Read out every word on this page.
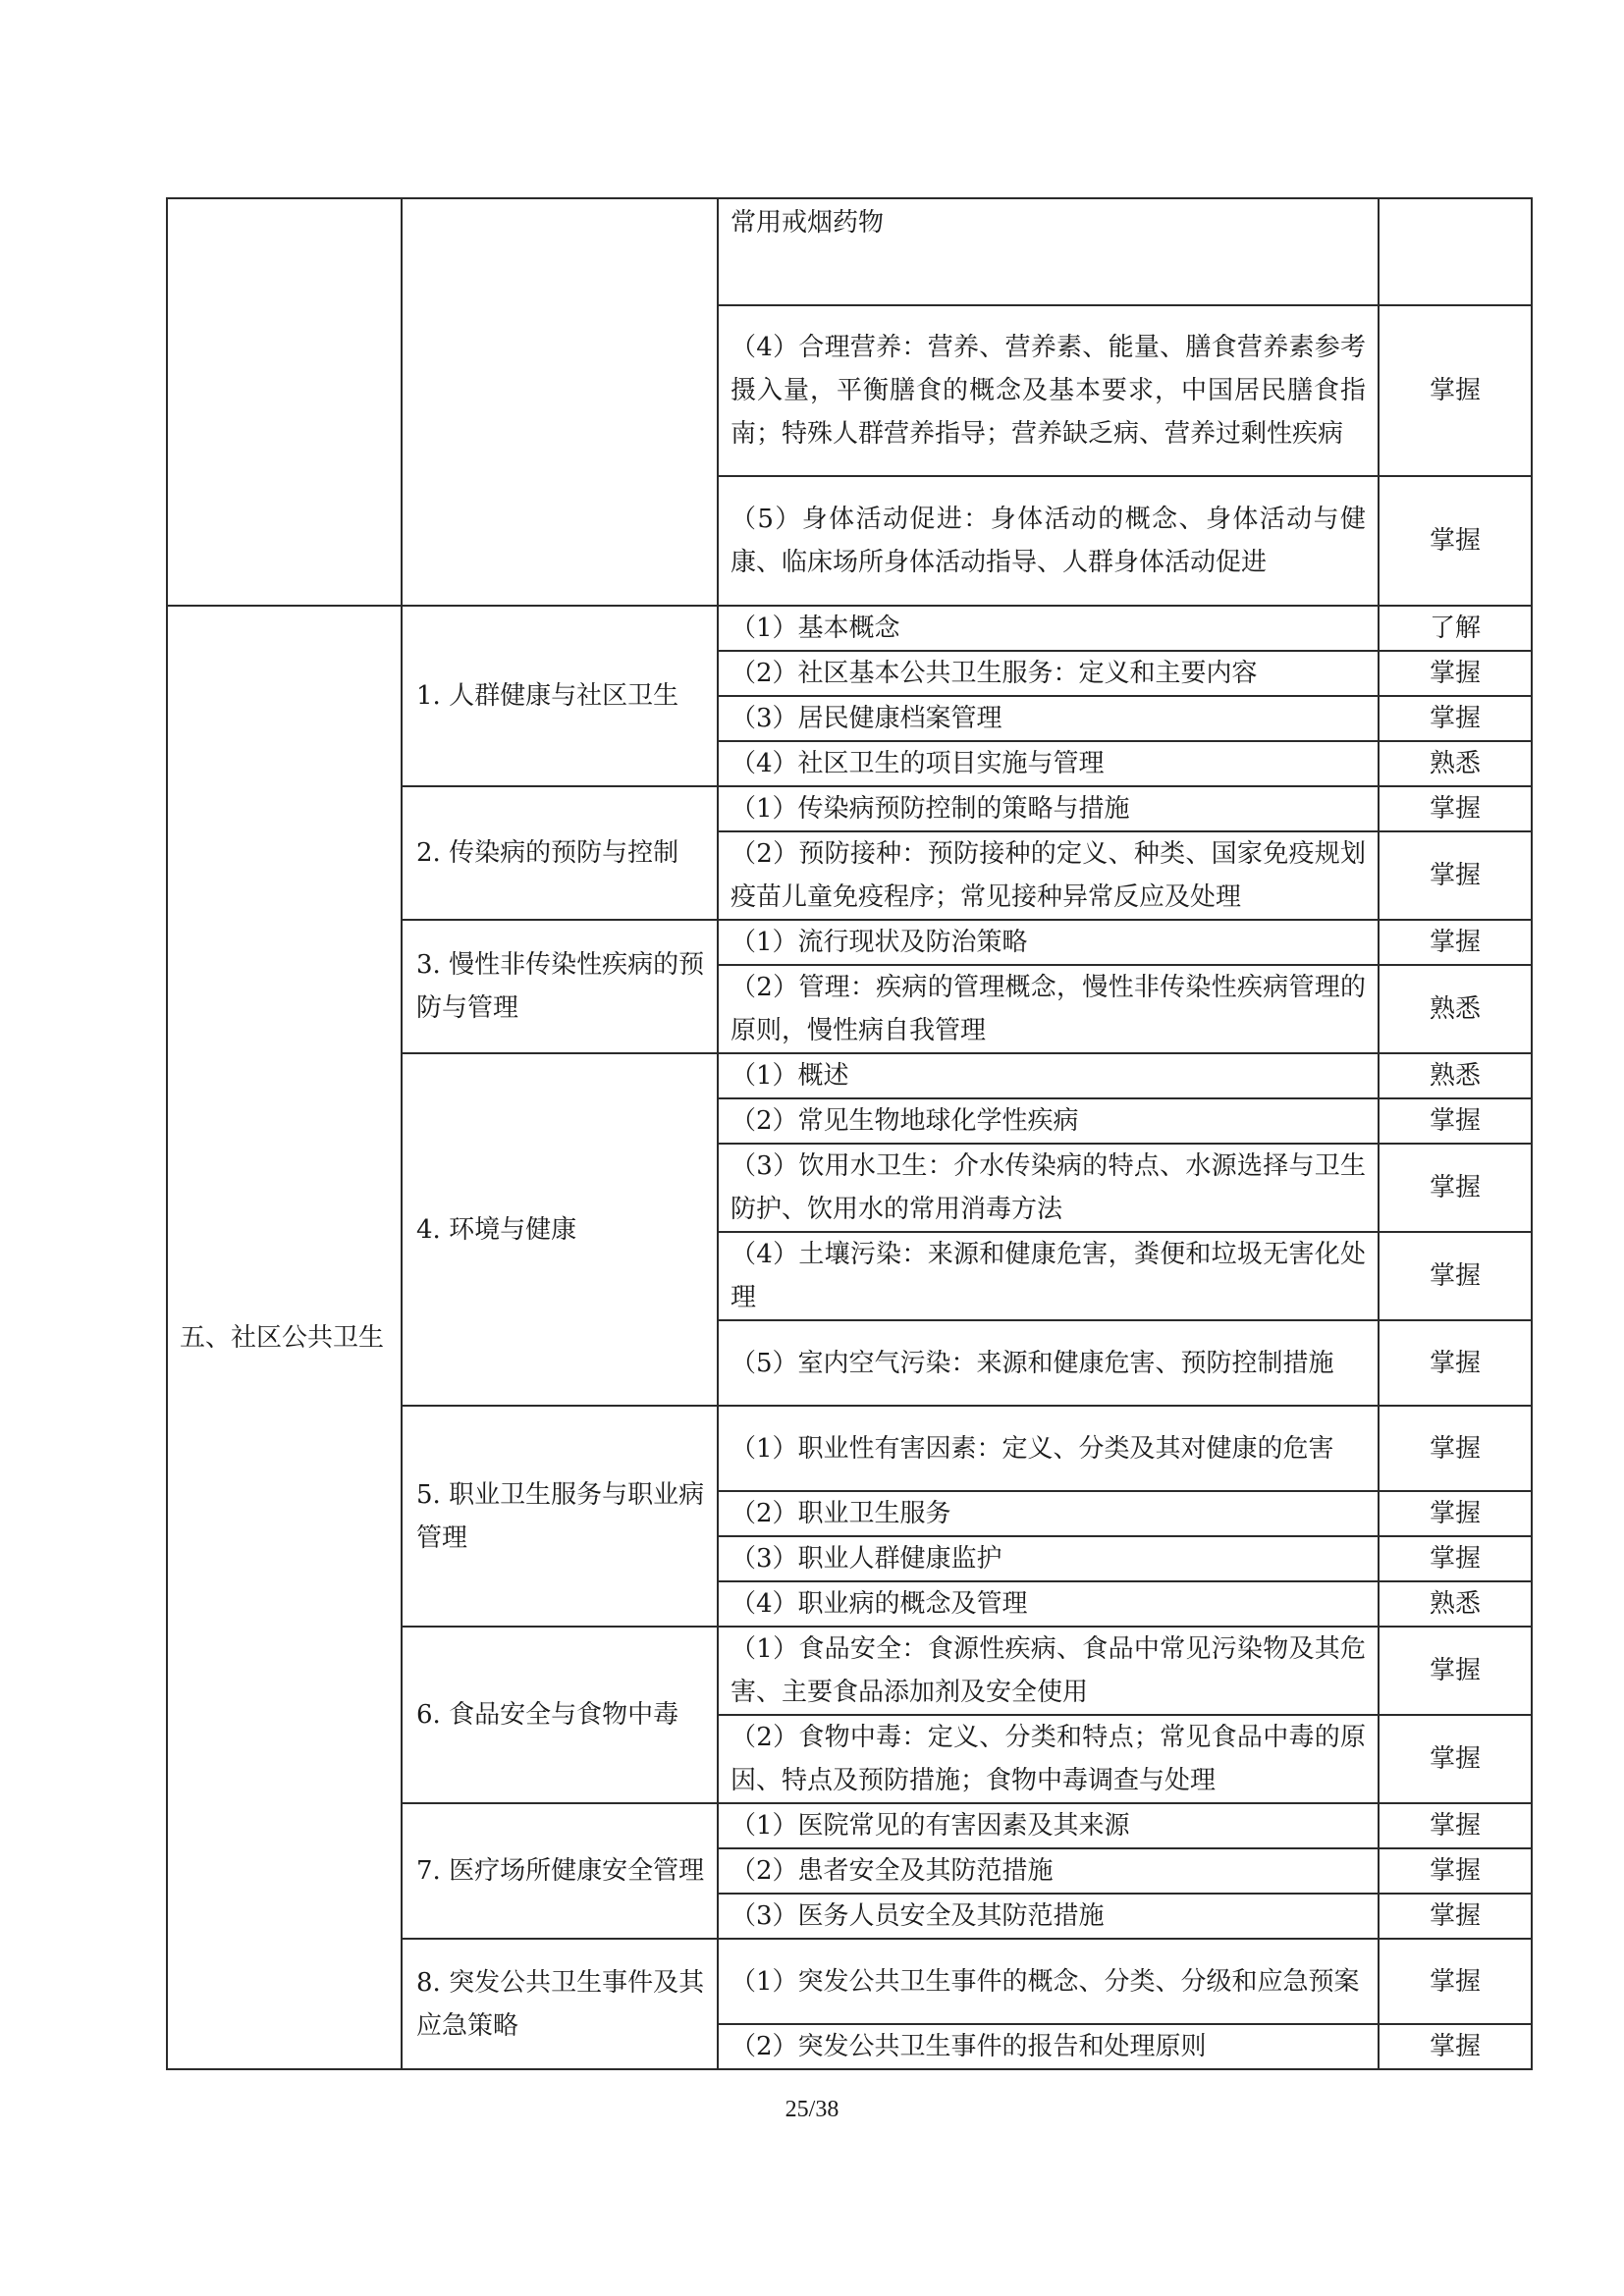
		常用戒烟药物	
		（4）合理营养：营养、营养素、能量、膳食营养素参考摄入量，平衡膳食的概念及基本要求，中国居民膳食指南；特殊人群营养指导；营养缺乏病、营养过剩性疾病	掌握
		（5）身体活动促进：身体活动的概念、身体活动与健康、临床场所身体活动指导、人群身体活动促进	掌握
五、社区公共卫生	1. 人群健康与社区卫生	（1）基本概念	了解
		（2）社区基本公共卫生服务：定义和主要内容	掌握
		（3）居民健康档案管理	掌握
		（4）社区卫生的项目实施与管理	熟悉
	2. 传染病的预防与控制	（1）传染病预防控制的策略与措施	掌握
		（2）预防接种：预防接种的定义、种类、国家免疫规划疫苗儿童免疫程序；常见接种异常反应及处理	掌握
	3. 慢性非传染性疾病的预防与管理	（1）流行现状及防治策略	掌握
		（2）管理：疾病的管理概念，慢性非传染性疾病管理的原则，慢性病自我管理	熟悉
	4. 环境与健康	（1）概述	熟悉
		（2）常见生物地球化学性疾病	掌握
		（3）饮用水卫生：介水传染病的特点、水源选择与卫生防护、饮用水的常用消毒方法	掌握
		（4）土壤污染：来源和健康危害，粪便和垃圾无害化处理	掌握
		（5）室内空气污染：来源和健康危害、预防控制措施	掌握
	5. 职业卫生服务与职业病管理	（1）职业性有害因素：定义、分类及其对健康的危害	掌握
		（2）职业卫生服务	掌握
		（3）职业人群健康监护	掌握
		（4）职业病的概念及管理	熟悉
	6. 食品安全与食物中毒	（1）食品安全：食源性疾病、食品中常见污染物及其危害、主要食品添加剂及安全使用	掌握
		（2）食物中毒：定义、分类和特点；常见食品中毒的原因、特点及预防措施；食物中毒调查与处理	掌握
	7. 医疗场所健康安全管理	（1）医院常见的有害因素及其来源	掌握
		（2）患者安全及其防范措施	掌握
		（3）医务人员安全及其防范措施	掌握
	8. 突发公共卫生事件及其应急策略	（1）突发公共卫生事件的概念、分类、分级和应急预案	掌握
		（2）突发公共卫生事件的报告和处理原则	掌握
25/38
